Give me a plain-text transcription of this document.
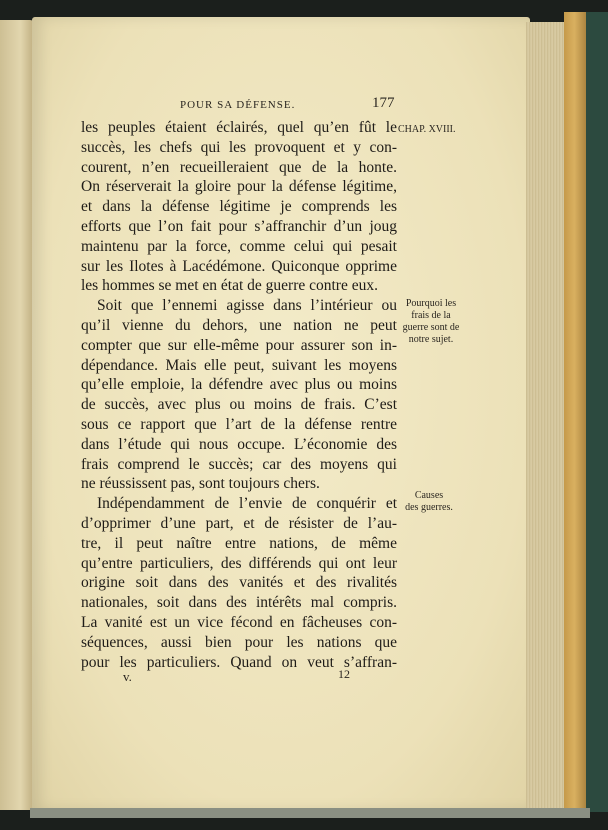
POUR SA DÉFENSE.	177
les peuples étaient éclairés, quel qu’en fût le
succès, les chefs qui les provoquent et y con-
courent, n’en recueilleraient que de la honte.
On réserverait la gloire pour la défense légitime,
et dans la défense légitime je comprends les
efforts que l’on fait pour s’affranchir d’un joug
maintenu par la force, comme celui qui pesait
sur les Ilotes à Lacédémone. Quiconque opprime
les hommes se met en état de guerre contre eux.
Soit que l’ennemi agisse dans l’intérieur ou
qu’il vienne du dehors, une nation ne peut
compter que sur elle-même pour assurer son in-
dépendance. Mais elle peut, suivant les moyens
qu’elle emploie, la défendre avec plus ou moins
de succès, avec plus ou moins de frais. C’est
sous ce rapport que l’art de la défense rentre
dans l’étude qui nous occupe. L’économie des
frais comprend le succès; car des moyens qui
ne réussissent pas, sont toujours chers.
Indépendamment de l’envie de conquérir et
d’opprimer d’une part, et de résister de l’au-
tre, il peut naître entre nations, de même
qu’entre particuliers, des différends qui ont leur
origine soit dans des vanités et des rivalités
nationales, soit dans des intérêts mal compris.
La vanité est un vice fécond en fâcheuses con-
séquences, aussi bien pour les nations que
pour les particuliers. Quand on veut s’affran-
CHAP. XVIII.
Pourquoi les
frais de la
guerre sont de
notre sujet.
Causes
des guerres.
v.	12
